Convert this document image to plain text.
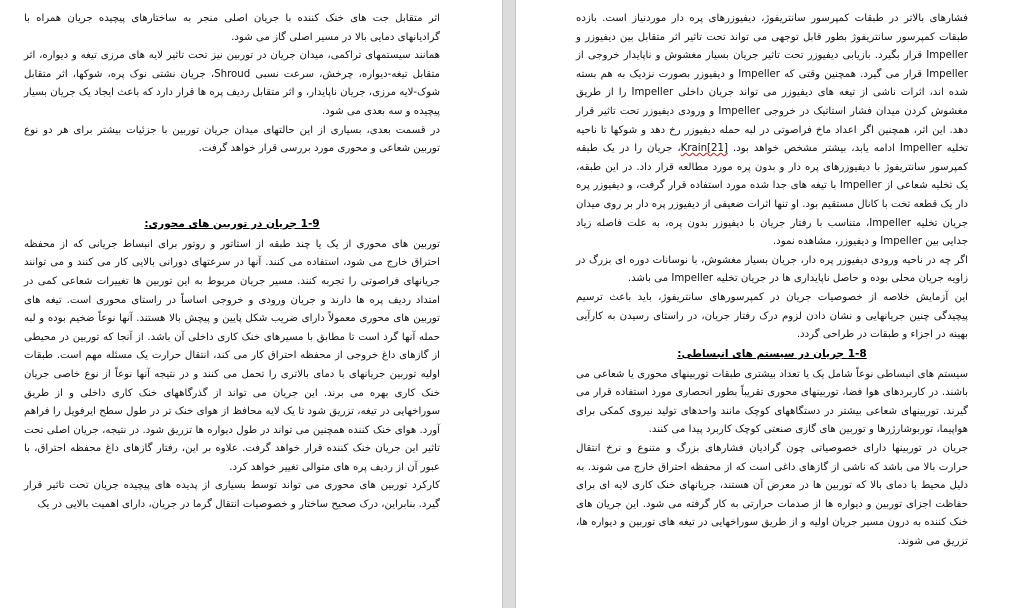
اثر متقابل جت های خنک کننده با جریان اصلی منجر به ساختارهای پیچیده جریان همراه با گرادیانهای دمایی بالا در مسیر اصلی گاز می شود.

همانند سیستمهای تراکمی، میدان جریان در توربین نیز تحت تاثیر لایه های مرزی تیغه و دیواره، اثر متقابل تیغه-دیواره، چرخش، سرعت نسبی Shroud، جریان نشتی نوک پره، شوکها، اثر متقابل شوک-لایه مرزی، جریان ناپایدار، و اثر متقابل ردیف پره ها قرار دارد که باعث ایجاد یک جریان بسیار پیچیده و سه بعدی می شود.

در قسمت بعدی، بسیاری از این حالتهای میدان جریان توربین با جزئیات بیشتر برای هر دو نوع توربین شعاعی و محوری مورد بررسی قرار خواهد گرفت.

1-9 جریان در توربین های محوری:

توربین های محوری از یک یا چند طبقه از استاتور و روتور برای انبساط جریانی که از محفظه احتراق خارج می شود، استفاده می کنند. آنها در سرعتهای دورانی بالایی کار می کنند و می توانند جریانهای فراصوتی را تجربه کنند. مسیر جریان مربوط به این توربین ها تغییرات شعاعی کمی در امتداد ردیف پره ها دارند و جریان ورودی و خروجی اساساً در راستای محوری است. تیغه های توربین های محوری معمولاً دارای ضریب شکل پایین و پیچش بالا هستند. آنها نوعاً ضخیم بوده و لبه حمله آنها گرد است تا مطابق با مسیرهای خنک کاری داخلی آن باشد. از آنجا که توربین در محیطی از گازهای داغ خروجی از محفظه احتراق کار می کند، انتقال حرارت یک مسئله مهم است. طبقات اولیه توربین جریانهای با دمای بالاتری را تحمل می کنند و در نتیجه آنها نوعاً از نوع خاصی جریان خنک کاری بهره می برند. این جریان می تواند از گذرگاههای خنک کاری داخلی و از طریق سوراخهایی در تیغه، تزریق شود تا یک لایه محافظ از هوای خنک تر در طول سطح ایرفویل را فراهم آورد. هوای خنک کننده همچنین می تواند در طول دیواره ها تزریق شود. در نتیجه، جریان اصلی تحت تاثیر این جریان خنک کننده قرار خواهد گرفت. علاوه بر این، رفتار گازهای داغ محفظه احتراق، با عبور آن از ردیف پره های متوالی تغییر خواهد کرد.

کارکرد توربین های محوری می تواند توسط بسیاری از پدیده های پیچیده جریان تحت تاثیر قرار گیرد. بنابراین، درک صحیح ساختار و خصوصیات انتقال گرما در جریان، دارای اهمیت بالایی در یک

فشارهای بالاتر در طبقات کمپرسور سانتریفوژ، دیفیوزرهای پره دار موردنیاز است. بازده طبقات کمپرسور سانتریفوژ بطور قابل توجهی می تواند تحت تاثیر اثر متقابل بین دیفیوزر و Impeller قرار بگیرد. بازیابی دیفیوزر تحت تاثیر جریان بسیار مغشوش و ناپایدار خروجی از Impeller قرار می گیرد. همچنین وقتی که Impeller و دیفیوزر بصورت نزدیک به هم بسته شده اند، اثرات ناشی از تیغه های دیفیوزر می تواند جریان داخلی Impeller را از طریق مغشوش کردن میدان فشار استاتیک در خروجی Impeller و ورودی دیفیوزر تحت تاثیر قرار دهد. این اثر، همچنین اگر اعداد ماخ فراصوتی در لبه حمله دیفیوزر رخ دهد و شوکها تا ناحیه تخلیه Impeller ادامه یابد، بیشتر مشخص خواهد بود. Krain[21]، جریان را در یک طبقه کمپرسور سانتریفوژ با دیفیوزرهای پره دار و بدون پره مورد مطالعه قرار داد. در این طبقه، یک تخلیه شعاعی از Impeller با تیغه های جدا شده مورد استفاده قرار گرفت، و دیفیوزر پره دار یک قطعه تخت با کانال مستقیم بود. او تنها اثرات ضعیفی از دیفیوزر پره دار بر روی میدان جریان تخلیه Impeller، متناسب با رفتار جریان با دیفیوزر بدون پره، به علت فاصله زیاد جدایی بین Impeller و دیفیوزر، مشاهده نمود.

اگر چه در ناحیه ورودی دیفیوزر پره دار، جریان بسیار مغشوش، با نوسانات دوره ای بزرگ در زاویه جریان محلی بوده و حاصل ناپایداری ها در جریان تخلیه Impeller می باشد.

این آزمایش خلاصه از خصوصیات جریان در کمپرسورهای سانتریفوژ، باید باعث ترسیم پیچیدگی چنین جریانهایی و نشان دادن لزوم درک رفتار جریان، در راستای رسیدن به کارآیی بهینه در اجزاء و طبقات در طراحی گردد.

1-8 جریان در سیستم های انبساطی:

سیستم های انبساطی نوعاً شامل یک یا تعداد بیشتری طبقات توربینهای محوری یا شعاعی می باشند. در کاربردهای هوا فضا، توربینهای محوری تقریباً بطور انحصاری مورد استفاده قرار می گیرند. توربینهای شعاعی بیشتر در دستگاههای کوچک مانند واحدهای تولید نیروی کمکی برای هواپیما، توربوشارژرها و توربین های گازی صنعتی کوچک کاربرد پیدا می کنند.

جریان در توربینها دارای خصوصیاتی چون گرادیان فشارهای بزرگ و متنوع و نرخ انتقال حرارت بالا می باشد که ناشی از گازهای داغی است که از محفظه احتراق خارج می شوند. به دلیل محیط با دمای بالا که توربین ها در معرض آن هستند، جریانهای خنک کاری لایه ای برای حفاظت اجزای توربین و دیواره ها از صدمات حرارتی به کار گرفته می شود. این جریان های خنک کننده به درون مسیر جریان اولیه و از طریق سوراخهایی در تیغه های توربین و دیواره ها، تزریق می شوند.
